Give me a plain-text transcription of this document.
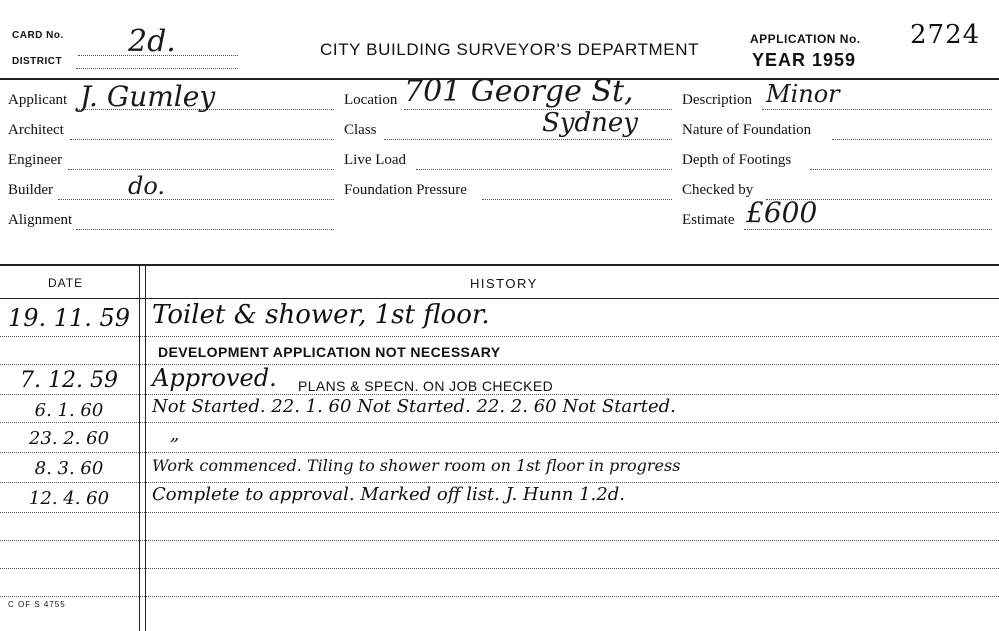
CARD No. 2d.
DISTRICT
CITY BUILDING SURVEYOR'S DEPARTMENT
APPLICATION No. 2724
YEAR 1959
Applicant J. Gumley
Architect
Engineer
Builder	do.
Alignment
Location 701 George St,
Sydney
Class
Live Load
Foundation Pressure
Description Minor
Nature of Foundation
Depth of Footings
Checked by
Estimate £600
DATE	HISTORY
19. 11. 59 Toilet & shower, 1st floor.
DEVELOPMENT APPLICATION NOT NECESSARY
7. 12. 59	Approved. PLANS & SPECN. ON JOB CHECKED
6. 1. 60	Not Started. 22. 1. 60 Not Started. 22. 2. 60 Not Started.
23. 2. 60	„
8. 3. 60	Work commenced. Tiling to shower room on 1st floor in progress
12. 4. 60	Complete to approval. Marked off list. J. Hunn 1.2d.
C OF S 4755
